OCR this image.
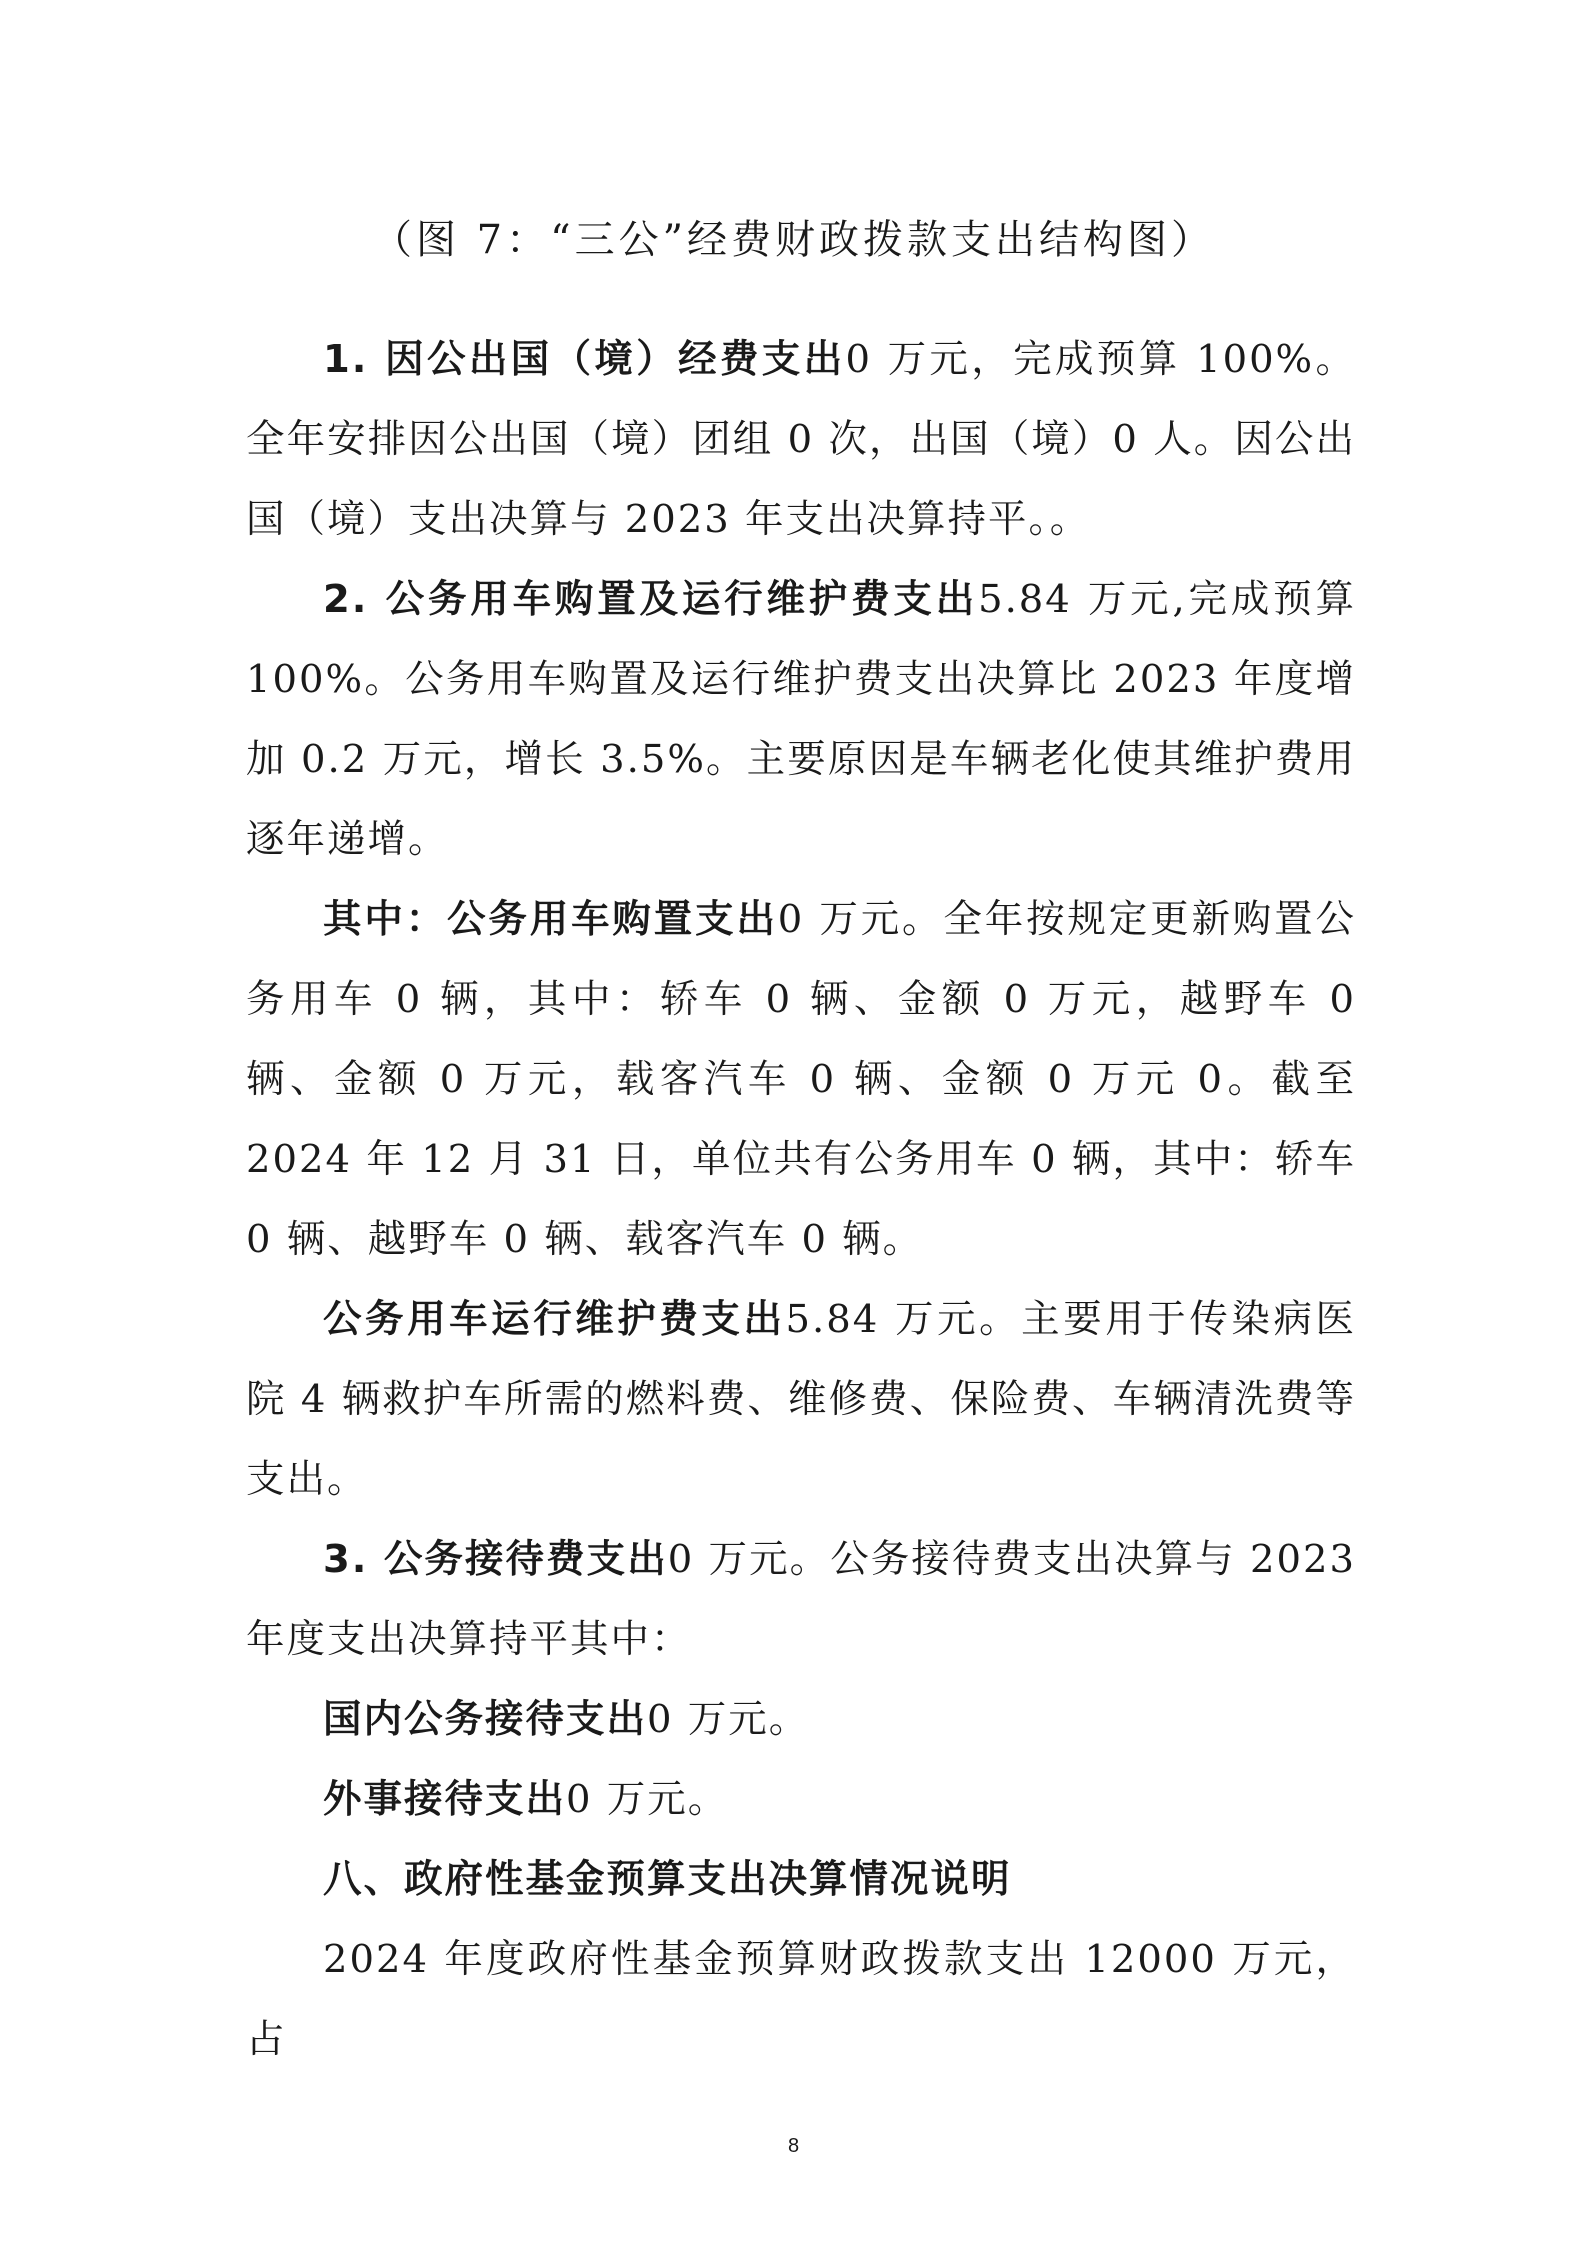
（图 7：“三公”经费财政拨款支出结构图）

1. 因公出国（境）经费支出0 万元，完成预算 100%。全年安排因公出国（境）团组 0 次，出国（境）0 人。因公出国（境）支出决算与 2023 年支出决算持平。。

2. 公务用车购置及运行维护费支出5.84 万元,完成预算 100%。公务用车购置及运行维护费支出决算比 2023 年度增加 0.2 万元，增长 3.5%。主要原因是车辆老化使其维护费用逐年递增。

其中：公务用车购置支出0 万元。全年按规定更新购置公务用车 0 辆，其中：轿车 0 辆、金额 0 万元，越野车 0 辆、金额 0 万元，载客汽车 0 辆、金额 0 万元 0。截至 2024 年 12 月 31 日，单位共有公务用车 0 辆，其中：轿车 0 辆、越野车 0 辆、载客汽车 0 辆。

公务用车运行维护费支出5.84 万元。主要用于传染病医院 4 辆救护车所需的燃料费、维修费、保险费、车辆清洗费等支出。

3. 公务接待费支出0 万元。公务接待费支出决算与 2023 年度支出决算持平其中：

国内公务接待支出0 万元。

外事接待支出0 万元。

八、政府性基金预算支出决算情况说明

2024 年度政府性基金预算财政拨款支出 12000 万元，占

8
